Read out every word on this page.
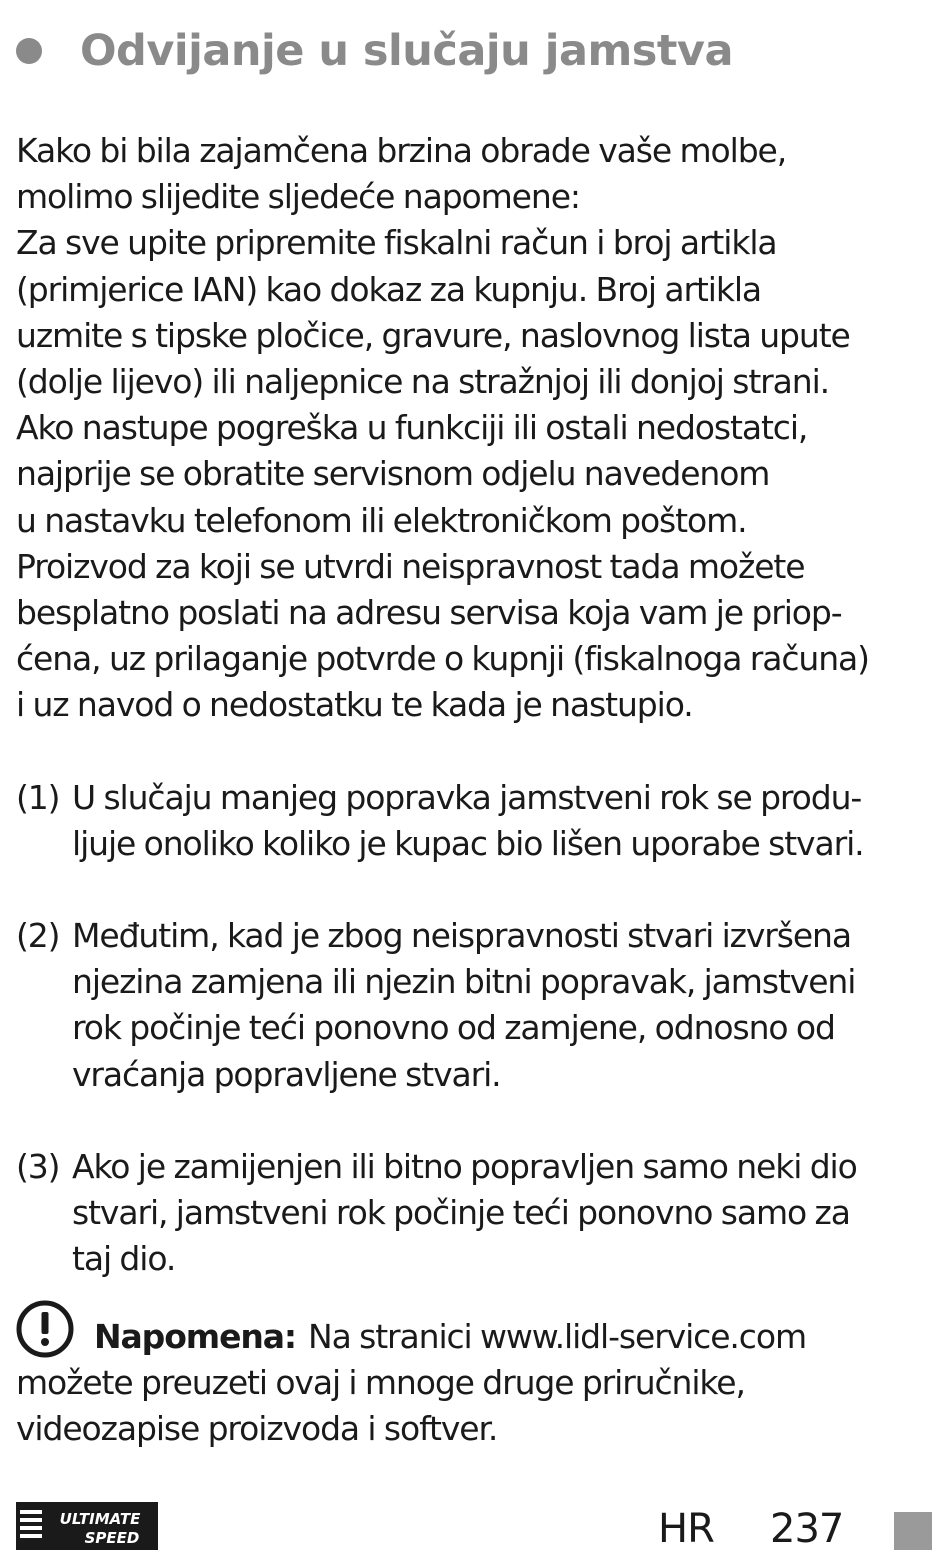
Odvijanje u slučaju jamstva
Kako bi bila zajamčena brzina obrade vaše molbe,
molimo slijedite sljedeće napomene:
Za sve upite pripremite fiskalni račun i broj artikla
(primjerice IAN) kao dokaz za kupnju. Broj artikla
uzmite s tipske pločice, gravure, naslovnog lista upute
(dolje lijevo) ili naljepnice na stražnjoj ili donjoj strani.
Ako nastupe pogreška u funkciji ili ostali nedostatci,
najprije se obratite servisnom odjelu navedenom
u nastavku telefonom ili elektroničkom poštom.
Proizvod za koji se utvrdi neispravnost tada možete
besplatno poslati na adresu servisa koja vam je priop-
ćena, uz prilaganje potvrde o kupnji (fiskalnoga računa)
i uz navod o nedostatku te kada je nastupio.
(1) U slučaju manjeg popravka jamstveni rok se produ-
ljuje onoliko koliko je kupac bio lišen uporabe stvari.
(2) Međutim, kad je zbog neispravnosti stvari izvršena
njezina zamjena ili njezin bitni popravak, jamstveni
rok počinje teći ponovno od zamjene, odnosno od
vraćanja popravljene stvari.
(3) Ako je zamijenjen ili bitno popravljen samo neki dio
stvari, jamstveni rok počinje teći ponovno samo za
taj dio.
Napomena: Na stranici www.lidl-service.com
možete preuzeti ovaj i mnoge druge priručnike,
videozapise proizvoda i softver.
ULTIMATE
SPEED	HR 237
